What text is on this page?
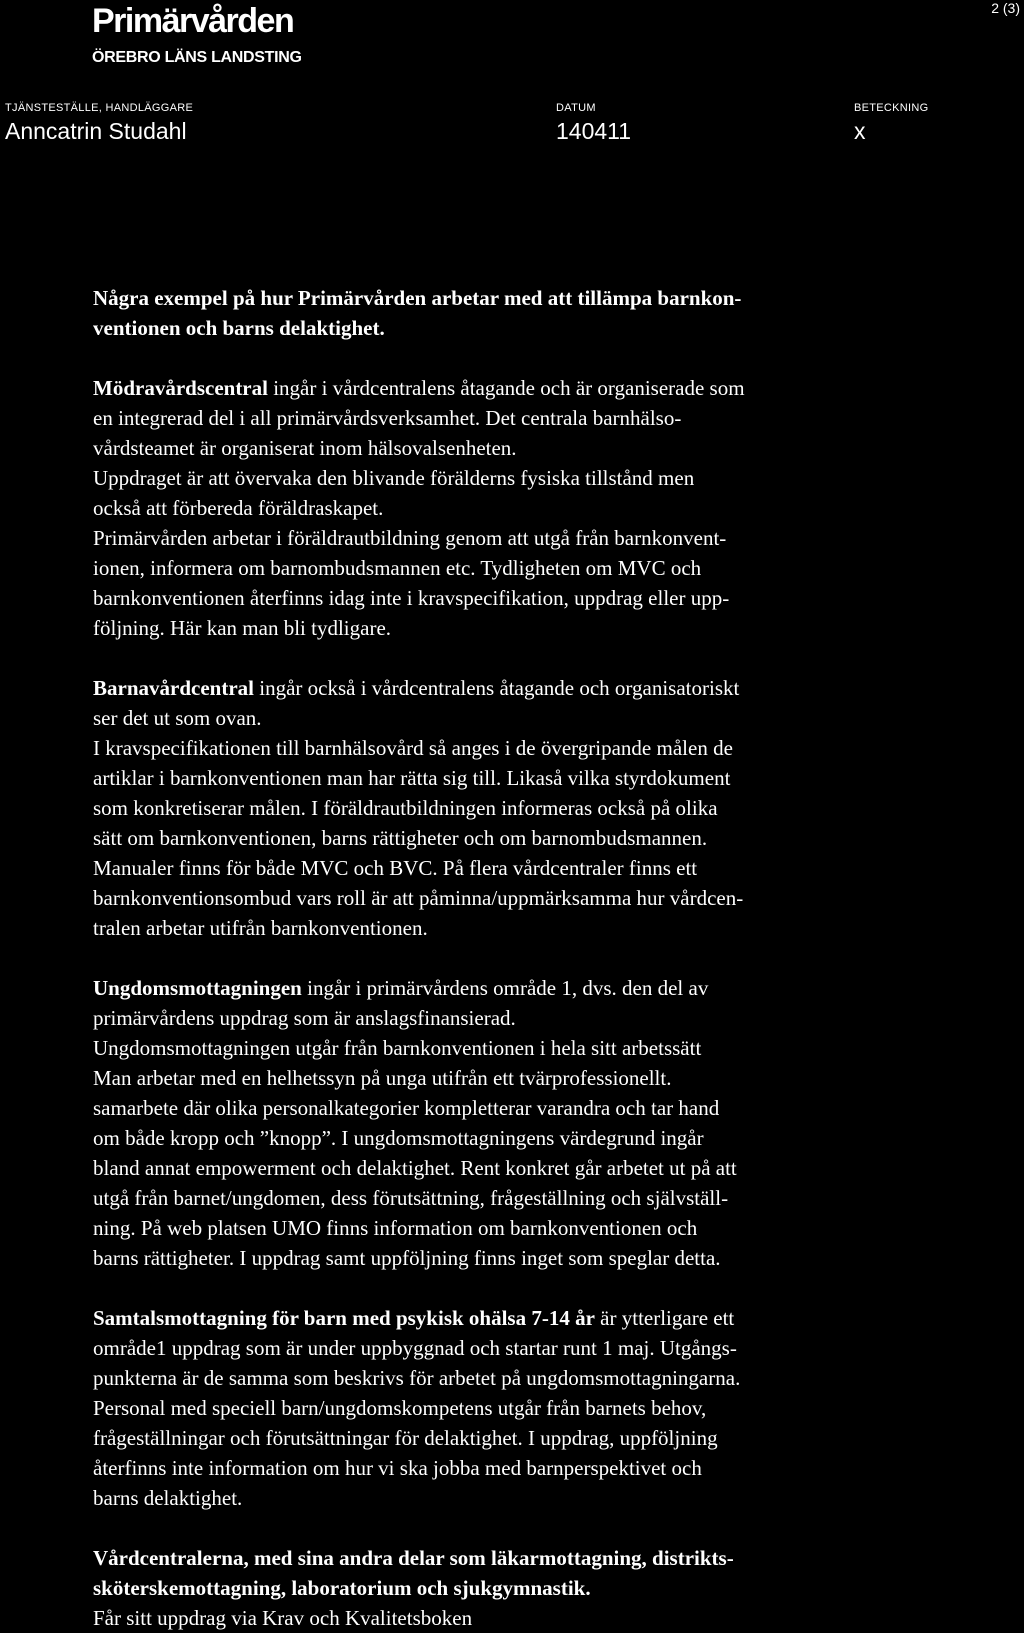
Primärvården
ÖREBRO LÄNS LANDSTING
2 (3)
TJÄNSTESTÄLLE, HANDLÄGGARE
Anncatrin Studahl
DATUM
140411
BETECKNING
x

Några exempel på hur Primärvården arbetar med att tillämpa barnkon-

ventionen och barns delaktighet.

Mödravårdscentral ingår i vårdcentralens åtagande och är organiserade som

en integrerad del i all primärvårdsverksamhet. Det centrala barnhälso-

vårdsteamet är organiserat inom hälsovalsenheten.

Uppdraget är att övervaka den blivande förälderns fysiska tillstånd men

också att förbereda föräldraskapet.

Primärvården arbetar i föräldrautbildning genom att utgå från barnkonvent-

ionen, informera om barnombudsmannen etc. Tydligheten om MVC och

barnkonventionen återfinns idag inte i kravspecifikation, uppdrag eller upp-

följning. Här kan man bli tydligare.

Barnavårdcentral ingår också i vårdcentralens åtagande och organisatoriskt

ser det ut som ovan.

I kravspecifikationen till barnhälsovård så anges i de övergripande målen de

artiklar i barnkonventionen man har rätta sig till. Likaså vilka styrdokument

som konkretiserar målen. I föräldrautbildningen informeras också på olika

sätt om barnkonventionen, barns rättigheter och om barnombudsmannen.

Manualer finns för både MVC och BVC. På flera vårdcentraler finns ett

barnkonventionsombud vars roll är att påminna/uppmärksamma hur vårdcen-

tralen arbetar utifrån barnkonventionen.

Ungdomsmottagningen ingår i primärvårdens område 1, dvs. den del av

primärvårdens uppdrag som är anslagsfinansierad.

Ungdomsmottagningen utgår från barnkonventionen i hela sitt arbetssätt

Man arbetar med en helhetssyn på unga utifrån ett tvärprofessionellt.

samarbete där olika personalkategorier kompletterar varandra och tar hand

om både kropp och ”knopp”. I ungdomsmottagningens värdegrund ingår

bland annat empowerment och delaktighet. Rent konkret går arbetet ut på att

utgå från barnet/ungdomen, dess förutsättning, frågeställning och självställ-

ning. På web platsen UMO finns information om barnkonventionen och

barns rättigheter. I uppdrag samt uppföljning finns inget som speglar detta.

Samtalsmottagning för barn med psykisk ohälsa 7-14 år är ytterligare ett

område1 uppdrag som är under uppbyggnad och startar runt 1 maj. Utgångs-

punkterna är de samma som beskrivs för arbetet på ungdomsmottagningarna.

Personal med speciell barn/ungdomskompetens utgår från barnets behov,

frågeställningar och förutsättningar för delaktighet. I uppdrag, uppföljning

återfinns inte information om hur vi ska jobba med barnperspektivet och

barns delaktighet.

Vårdcentralerna, med sina andra delar som läkarmottagning, distrikts-

sköterskemottagning, laboratorium och sjukgymnastik.

Får sitt uppdrag via Krav och Kvalitetsboken
